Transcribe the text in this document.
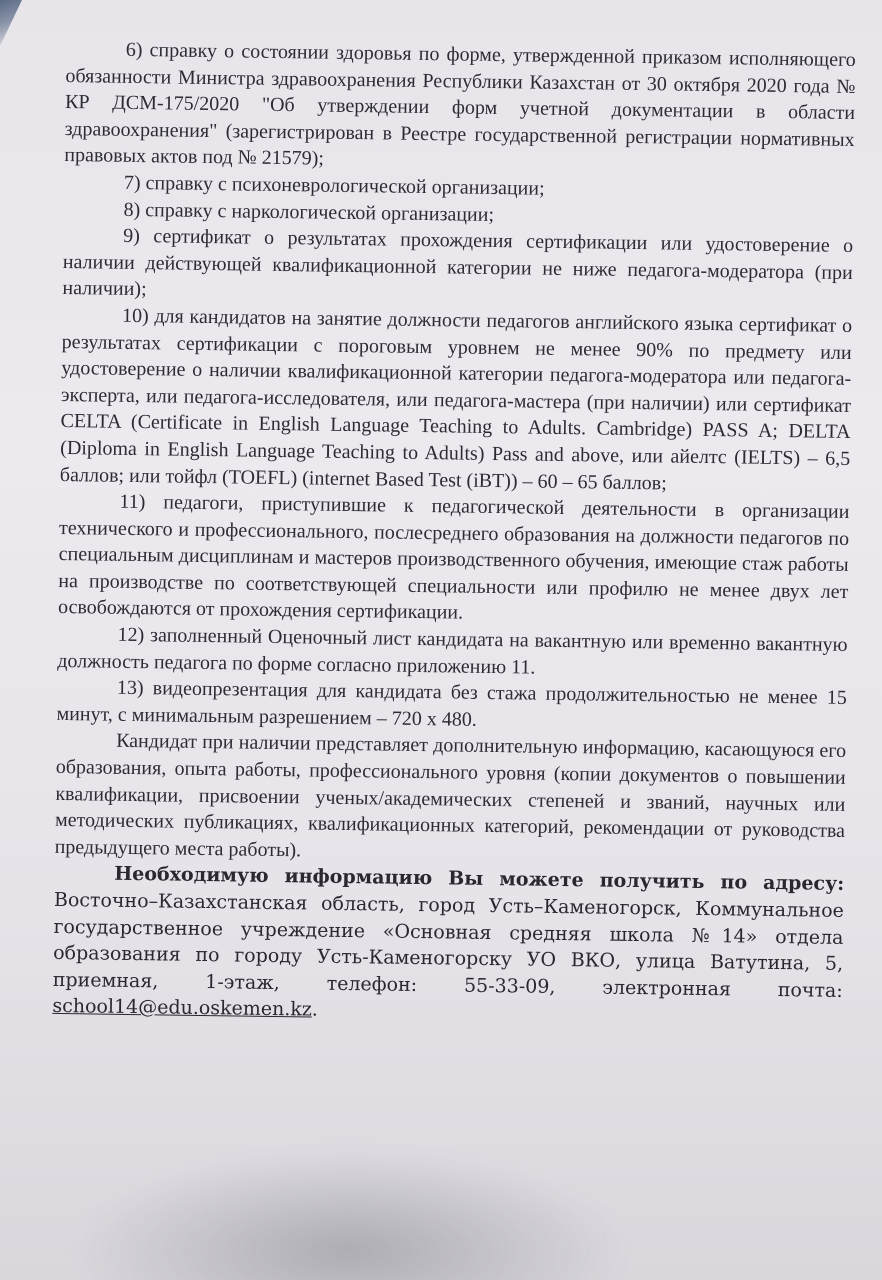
6) справку о состоянии здоровья по форме, утвержденной приказом исполняющего обязанности Министра здравоохранения Республики Казахстан от 30 октября 2020 года № КР ДСМ-175/2020 "Об утверждении форм учетной документации в области здравоохранения" (зарегистрирован в Реестре государственной регистрации нормативных правовых актов под № 21579);

7) справку с психоневрологической организации;

8) справку с наркологической организации;

9) сертификат о результатах прохождения сертификации или удостоверение о наличии действующей квалификационной категории не ниже педагога-модератора (при наличии);

10) для кандидатов на занятие должности педагогов английского языка сертификат о результатах сертификации с пороговым уровнем не менее 90% по предмету или удостоверение о наличии квалификационной категории педагога-модератора или педагога-эксперта, или педагога-исследователя, или педагога-мастера (при наличии) или сертификат CELTA (Certificate in English Language Teaching to Adults. Cambridge) PASS A; DELTA (Diploma in English Language Teaching to Adults) Pass and above, или айелтс (IELTS) – 6,5 баллов; или тойфл (TOEFL) (internet Based Test (iBT)) – 60 – 65 баллов;

11) педагоги, приступившие к педагогической деятельности в организации технического и профессионального, послесреднего образования на должности педагогов по специальным дисциплинам и мастеров производственного обучения, имеющие стаж работы на производстве по соответствующей специальности или профилю не менее двух лет освобождаются от прохождения сертификации.

12) заполненный Оценочный лист кандидата на вакантную или временно вакантную должность педагога по форме согласно приложению 11.

13) видеопрезентация для кандидата без стажа продолжительностью не менее 15 минут, с минимальным разрешением – 720 х 480.

Кандидат при наличии представляет дополнительную информацию, касающуюся его образования, опыта работы, профессионального уровня (копии документов о повышении квалификации, присвоении ученых/академических степеней и званий, научных или методических публикациях, квалификационных категорий, рекомендации от руководства предыдущего места работы).

Необходимую информацию Вы можете получить по адресу: Восточно–Казахстанская область, город Усть–Каменогорск, Коммунальное государственное учреждение «Основная средняя школа №14» отдела образования по городу Усть-Каменогорску УО ВКО, улица Ватутина, 5, приемная, 1-этаж, телефон: 55-33-09, электронная почта: school14@edu.oskemen.kz.
